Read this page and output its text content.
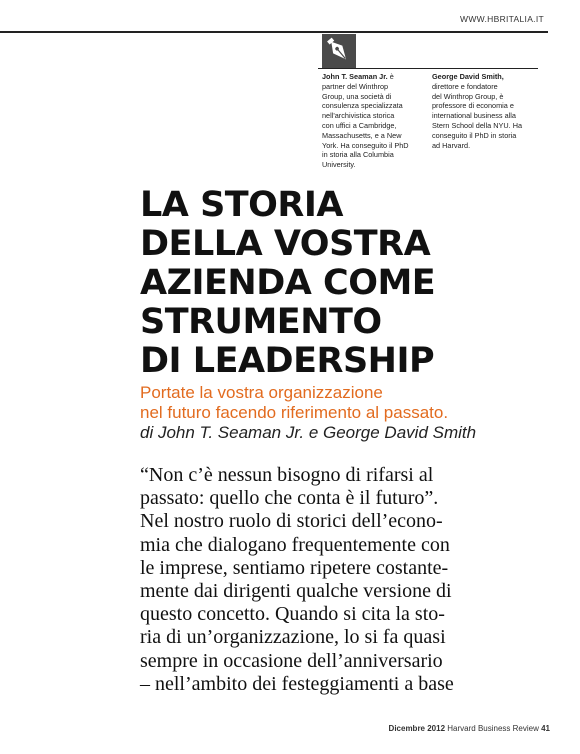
WWW.HBRITALIA.IT
John T. Seaman Jr. è
partner del Winthrop
Group, una società di
consulenza specializzata
nell'archivistica storica
con uffici a Cambridge,
Massachusetts, e a New
York. Ha conseguito il PhD
in storia alla Columbia
University.
George David Smith,
direttore e fondatore
del Winthrop Group, è
professore di economia e
international business alla
Stern School della NYU. Ha
conseguito il PhD in storia
ad Harvard.
LA STORIA
DELLA VOSTRA
AZIENDA COME
STRUMENTO
DI LEADERSHIP
Portate la vostra organizzazione
nel futuro facendo riferimento al passato.
di John T. Seaman Jr. e George David Smith
“Non c’è nessun bisogno di rifarsi al
passato: quello che conta è il futuro”.
Nel nostro ruolo di storici dell’econo-
mia che dialogano frequentemente con
le imprese, sentiamo ripetere costante-
mente dai dirigenti qualche versione di
questo concetto. Quando si cita la sto-
ria di un’organizzazione, lo si fa quasi
sempre in occasione dell’anniversario
– nell’ambito dei festeggiamenti a base
Dicembre 2012 Harvard Business Review 41
